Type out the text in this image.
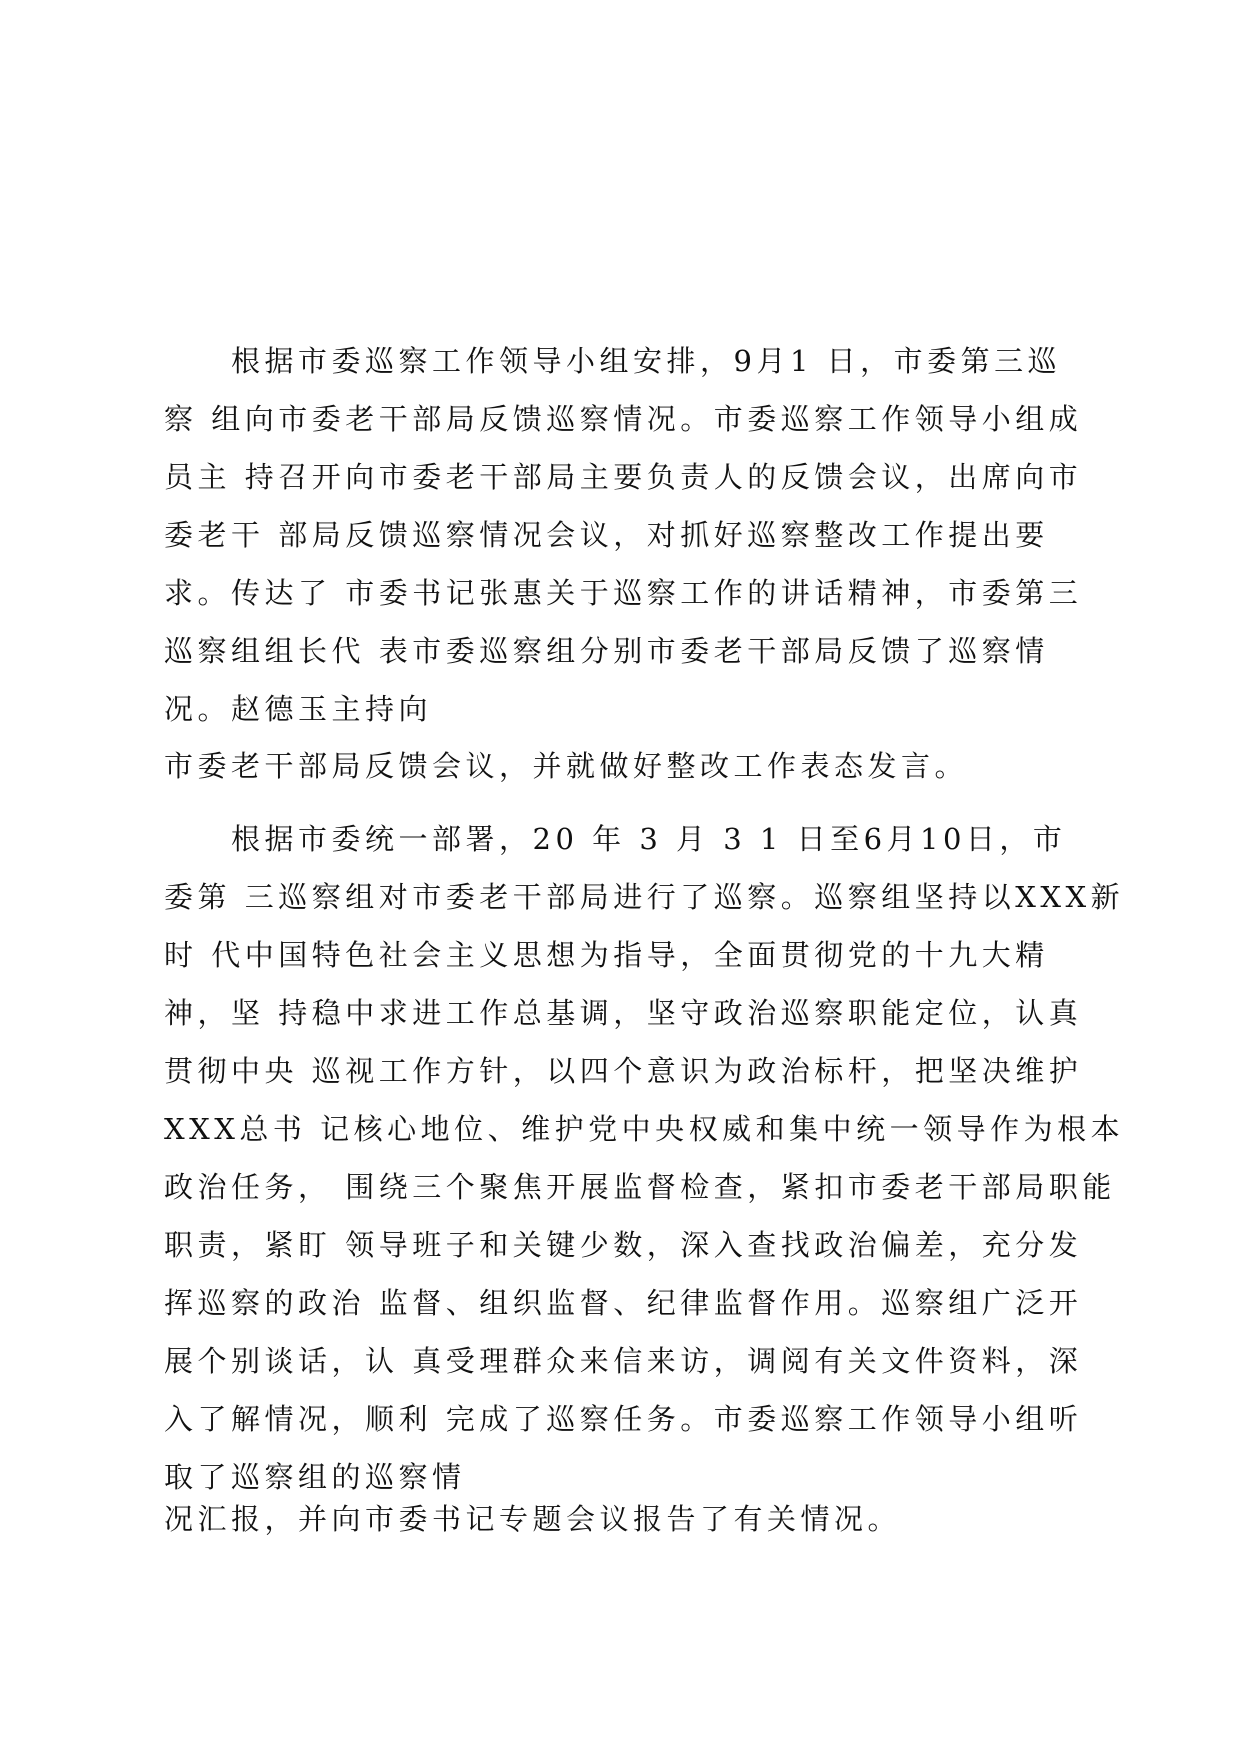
　　根据市委巡察工作领导小组安排，9月1 日，市委第三巡
察 组向市委老干部局反馈巡察情况。市委巡察工作领导小组成
员主 持召开向市委老干部局主要负责人的反馈会议，出席向市
委老干 部局反馈巡察情况会议，对抓好巡察整改工作提出要
求。传达了 市委书记张惠关于巡察工作的讲话精神，市委第三
巡察组组长代 表市委巡察组分别市委老干部局反馈了巡察情
况。赵德玉主持向
市委老干部局反馈会议，并就做好整改工作表态发言。
　　根据市委统一部署，20 年 3 月 3 1 日至6月10日，市
委第 三巡察组对市委老干部局进行了巡察。巡察组坚持以XXX新
时 代中国特色社会主义思想为指导，全面贯彻党的十九大精
神，坚 持稳中求进工作总基调，坚守政治巡察职能定位，认真
贯彻中央 巡视工作方针，以四个意识为政治标杆，把坚决维护
XXX总书 记核心地位、维护党中央权威和集中统一领导作为根本
政治任务， 围绕三个聚焦开展监督检查，紧扣市委老干部局职能
职责，紧盯 领导班子和关键少数，深入查找政治偏差，充分发
挥巡察的政治 监督、组织监督、纪律监督作用。巡察组广泛开
展个别谈话，认 真受理群众来信来访，调阅有关文件资料，深
入了解情况，顺利 完成了巡察任务。市委巡察工作领导小组听
取了巡察组的巡察情
况汇报，并向市委书记专题会议报告了有关情况。
